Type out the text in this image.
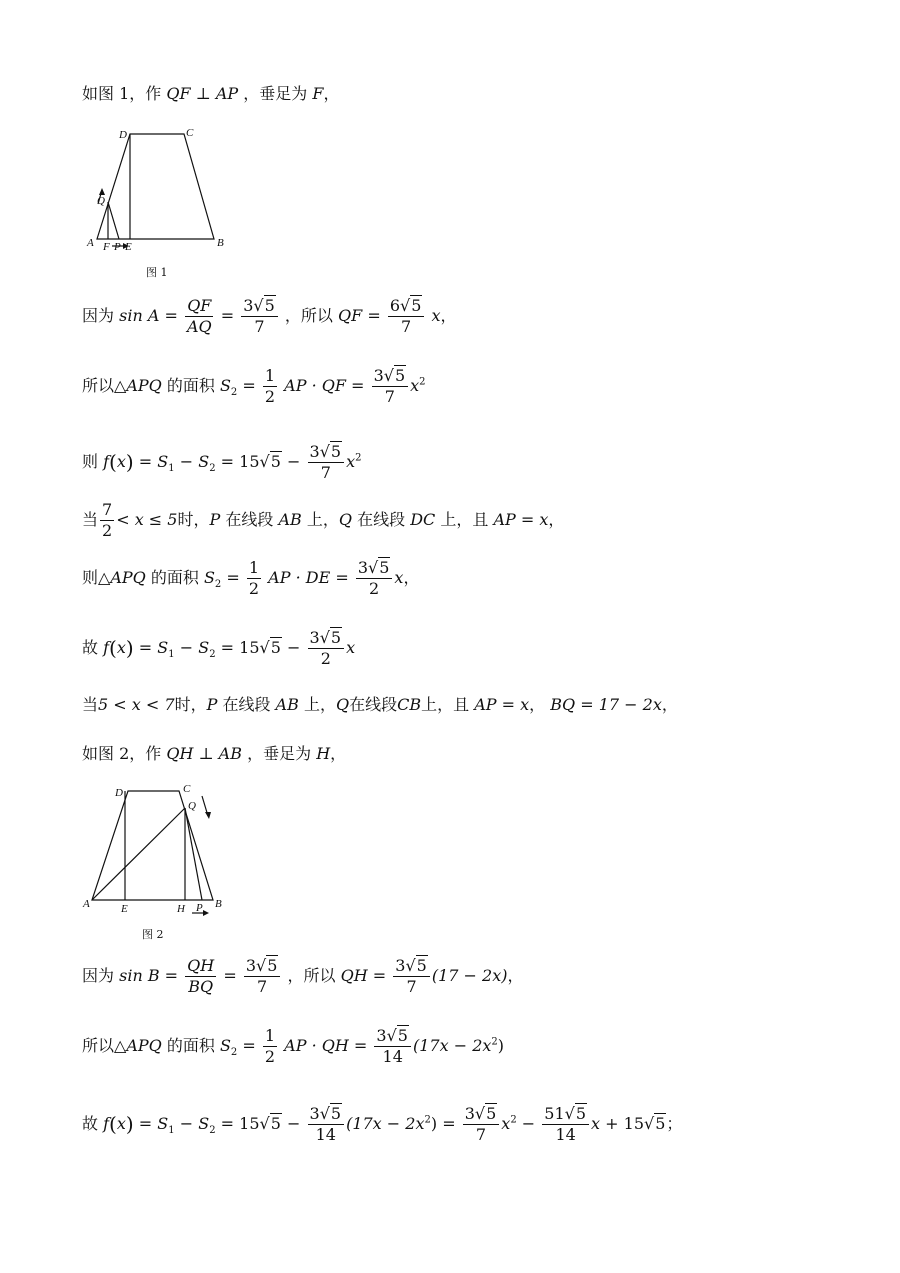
如图 1，作 QF ⊥ AP ，垂足为 F，
D	C
Q
A F P E	B
图 1
因为 $\sin A = \frac{QF}{AQ} = \frac{3√5}{7}$ ，所以 QF = $\frac{6√5}{7}$ x，
所以△APQ 的面积 $S_2 = \frac{1}{2}$ AP · QF = $\frac{3√5}{7} x^2$
则 $f(x) = S_1 - S_2 = 15√5 - \frac{3√5}{7} x^2$
当 $\frac{7}{2} < x \le 5$时，P 在线段 AB 上，Q 在线段 DC 上，且 AP = x，
则△APQ 的面积 $S_2 = \frac{1}{2}$ AP · DE = $\frac{3√5}{2}$ x，
故 $f(x) = S_1 - S_2 = 15√5 - \frac{3√5}{2}$ x
当5 < x < 7时，P 在线段 AB 上，Q在线段CB上，且 AP = x， BQ = 17 − 2x，
如图 2，作 QH ⊥ AB ，垂足为 H，
D	C
Q
A	E	H P B
图 2
因为 $\sin B = \frac{QH}{BQ} = \frac{3√5}{7}$ ，所以 QH = $\frac{3√5}{7} (17 - 2x)$，
所以△APQ 的面积 $S_2 = \frac{1}{2}$ AP · QH = $\frac{3√5}{14} (17x - 2x^2)$
故 $f(x) = S_1 - S_2 = 15√5 - \frac{3√5}{14} (17x - 2x^2) = \frac{3√5}{7} x^2 - \frac{51√5}{14}$ x + 15√5；
